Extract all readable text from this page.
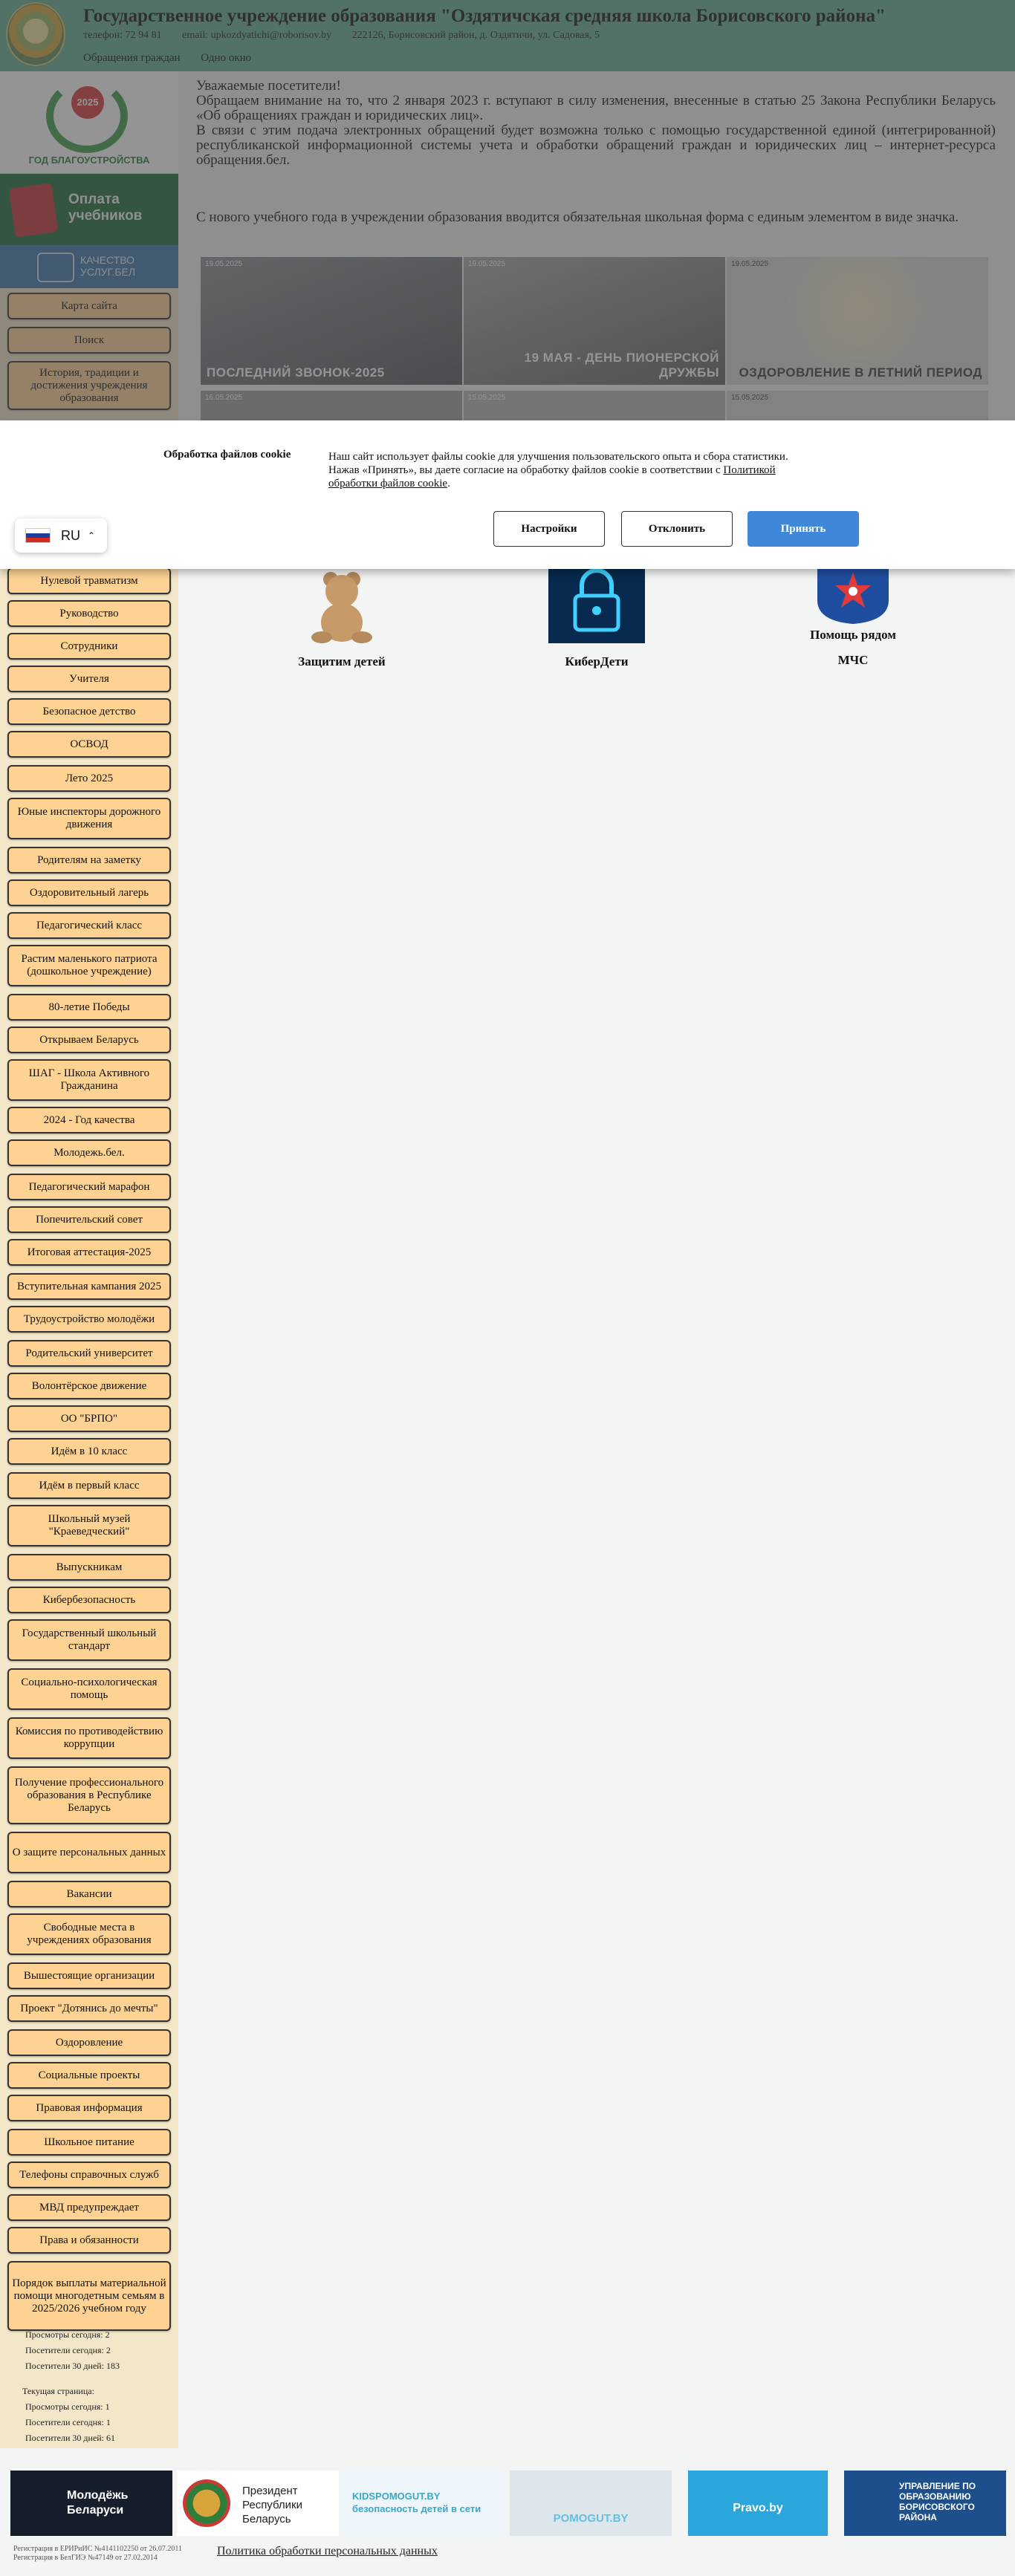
Нулевой травматизм
Руководство
Сотрудники
Учителя
Безопасное детство
ОСВОД
Лето 2025
Юные инспекторы дорожного движения
Родителям на заметку
Оздоровительный лагерь
Педагогический класс
Растим маленького патриота (дошкольное учреждение)
80-летие Победы
Открываем Беларусь
ШАГ - Школа Активного Гражданина
2024 - Год качества
Молодежь.бел.
Педагогический марафон
Попечительский совет
Итоговая аттестация-2025
Вступительная кампания 2025
Трудоустройство молодёжи
Родительский университет
Волонтёрское движение
ОО "БРПО"
Идём в 10 класс
Идём в первый класс
Школьный музей "Краеведческий"
Выпускникам
Кибербезопасность
Государственный школьный стандарт
Социально-психологическая помощь
Комиссия по противодействию коррупции
Получение профессионального образования в Республике Беларусь
О защите персональных данных
Вакансии
Свободные места в учреждениях образования
Вышестоящие организации
Проект "Дотянись до мечты"
Оздоровление
Социальные проекты
Правовая информация
Школьное питание
Телефоны справочных служб
МВД предупреждает
Права и обязанности
Порядок выплаты материальной помощи многодетным семьям в 2025/2026 учебном году

Защитим детей	КиберДети
Помощь рядом
МЧС
Просмотры сегодня: 2
Посетители сегодня: 2
Посетители 30 дней: 183
Текущая страница:
Просмотры сегодня: 1
Посетители сегодня: 1
Посетители 30 дней: 61
Молодёжь Беларуси
Президент Республики Беларусь
KIDSPOMOGUT.BY безопасность детей в сети
POMOGUT.BY
Pravo.by
УПРАВЛЕНИЕ ПО ОБРАЗОВАНИЮ БОРИСОВСКОГО РАЙОНА
Регистрация в ЕРИРиИС №4141102250 от 26.07.2011
Регистрация в БелГИЭ №47149 от 27.02.2014
Политика обработки персональных данных
Обработка файлов cookie	Наш сайт использует файлы cookie для улучшения пользовательского опыта и сбора статистики. Нажав «Принять», вы даете согласие на обработку файлов cookie в соответствии с Политикой обработки файлов cookie.
Настройки	Отклонить	Принять
RU ⌃
